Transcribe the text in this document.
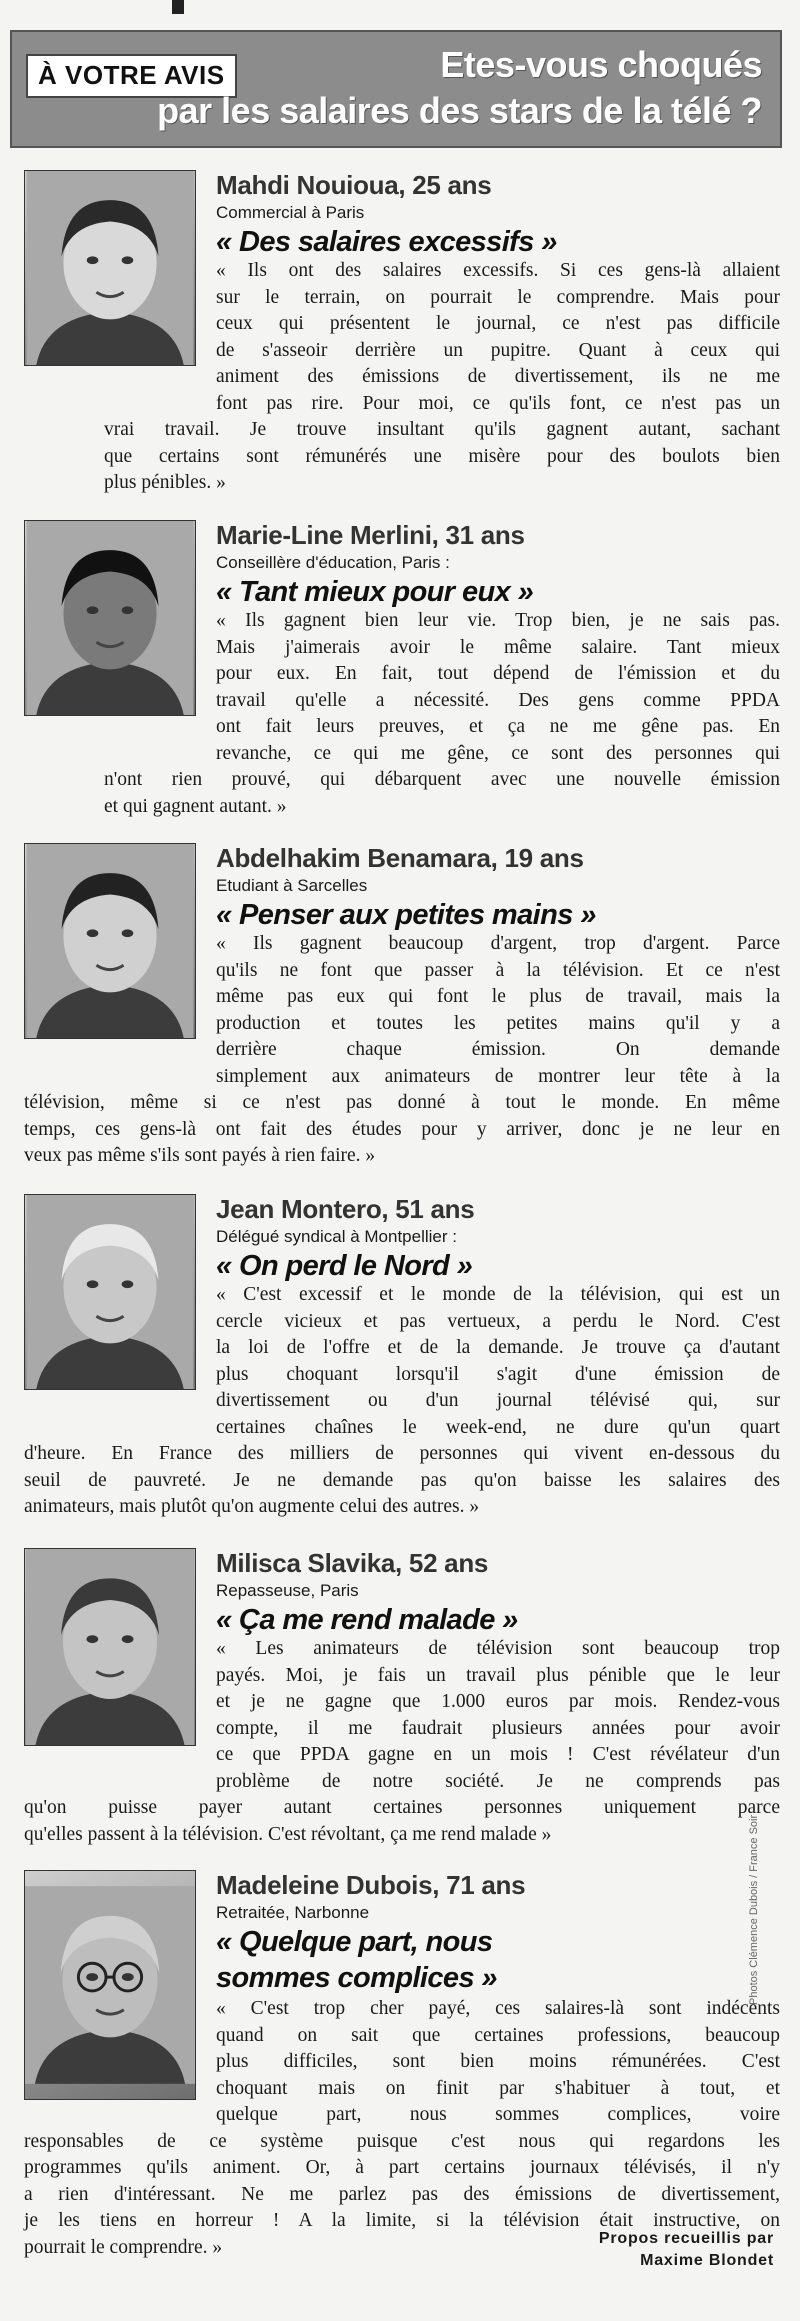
À VOTRE AVIS	Etes-vous choqués
par les salaires des stars de la télé ?
Mahdi Nouioua, 25 ans
Commercial à Paris
« Des salaires excessifs »
« Ils ont des salaires excessifs. Si ces gens-là allaient
sur le terrain, on pourrait le comprendre. Mais pour
ceux qui présentent le journal, ce n'est pas difficile
de s'asseoir derrière un pupitre. Quant à ceux qui
animent des émissions de divertissement, ils ne me
font pas rire. Pour moi, ce qu'ils font, ce n'est pas un
vrai travail. Je trouve insultant qu'ils gagnent autant, sachant
que certains sont rémunérés une misère pour des boulots bien
plus pénibles. »
Marie-Line Merlini, 31 ans
Conseillère d'éducation, Paris :
« Tant mieux pour eux »
« Ils gagnent bien leur vie. Trop bien, je ne sais pas.
Mais j'aimerais avoir le même salaire. Tant mieux
pour eux. En fait, tout dépend de l'émission et du
travail qu'elle a nécessité. Des gens comme PPDA
ont fait leurs preuves, et ça ne me gêne pas. En
revanche, ce qui me gêne, ce sont des personnes qui
n'ont rien prouvé, qui débarquent avec une nouvelle émission
et qui gagnent autant. »
Abdelhakim Benamara, 19 ans
Etudiant à Sarcelles
« Penser aux petites mains »
« Ils gagnent beaucoup d'argent, trop d'argent. Parce
qu'ils ne font que passer à la télévision. Et ce n'est
même pas eux qui font le plus de travail, mais la
production et toutes les petites mains qu'il y a
derrière chaque émission. On demande
simplement aux animateurs de montrer leur tête à la
télévision, même si ce n'est pas donné à tout le monde. En même
temps, ces gens-là ont fait des études pour y arriver, donc je ne leur en
veux pas même s'ils sont payés à rien faire. »
Jean Montero, 51 ans
Délégué syndical à Montpellier :
« On perd le Nord »
« C'est excessif et le monde de la télévision, qui est un
cercle vicieux et pas vertueux, a perdu le Nord. C'est
la loi de l'offre et de la demande. Je trouve ça d'autant
plus choquant lorsqu'il s'agit d'une émission de
divertissement ou d'un journal télévisé qui, sur
certaines chaînes le week-end, ne dure qu'un quart
d'heure. En France des milliers de personnes qui vivent en-dessous du
seuil de pauvreté. Je ne demande pas qu'on baisse les salaires des
animateurs, mais plutôt qu'on augmente celui des autres. »
Milisca Slavika, 52 ans
Repasseuse, Paris
« Ça me rend malade »
« Les animateurs de télévision sont beaucoup trop
payés. Moi, je fais un travail plus pénible que le leur
et je ne gagne que 1.000 euros par mois. Rendez-vous
compte, il me faudrait plusieurs années pour avoir
ce que PPDA gagne en un mois ! C'est révélateur d'un
problème de notre société. Je ne comprends pas
qu'on puisse payer autant certaines personnes uniquement parce
qu'elles passent à la télévision. C'est révoltant, ça me rend malade »
Madeleine Dubois, 71 ans
Retraitée, Narbonne
« Quelque part, nous sommes complices »
« C'est trop cher payé, ces salaires-là sont indécents
quand on sait que certaines professions, beaucoup
plus difficiles, sont bien moins rémunérées. C'est
choquant mais on finit par s'habituer à tout, et
quelque part, nous sommes complices, voire
responsables de ce système puisque c'est nous qui regardons les
programmes qu'ils animent. Or, à part certains journaux télévisés, il n'y
a rien d'intéressant. Ne me parlez pas des émissions de divertissement,
je les tiens en horreur ! A la limite, si la télévision était instructive, on
pourrait le comprendre. »
Photos Clémence Dubois / France Soir
Propos recueillis par
Maxime Blondet
